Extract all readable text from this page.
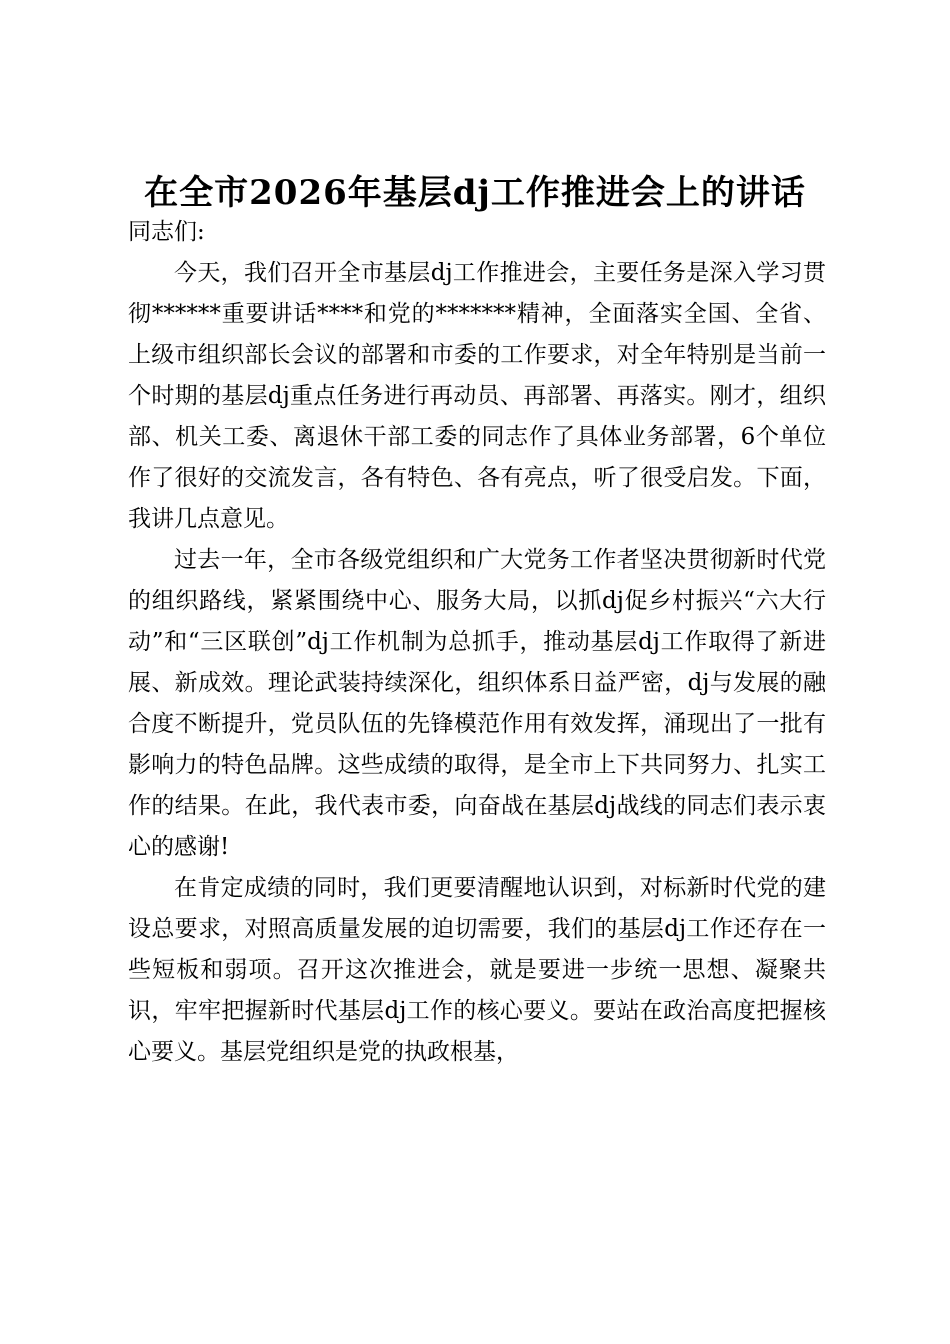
在全市2026年基层dj工作推进会上的讲话

同志们:

今天，我们召开全市基层dj工作推进会，主要任务是深入学习贯彻******重要讲话****和党的*******精神，全面落实全国、全省、上级市组织部长会议的部署和市委的工作要求，对全年特别是当前一个时期的基层dj重点任务进行再动员、再部署、再落实。刚才，组织部、机关工委、离退休干部工委的同志作了具体业务部署，6个单位作了很好的交流发言，各有特色、各有亮点，听了很受启发。下面，我讲几点意见。

过去一年，全市各级党组织和广大党务工作者坚决贯彻新时代党的组织路线，紧紧围绕中心、服务大局，以抓dj促乡村振兴“六大行动”和“三区联创”dj工作机制为总抓手，推动基层dj工作取得了新进展、新成效。理论武装持续深化，组织体系日益严密，dj与发展的融合度不断提升，党员队伍的先锋模范作用有效发挥，涌现出了一批有影响力的特色品牌。这些成绩的取得，是全市上下共同努力、扎实工作的结果。在此，我代表市委，向奋战在基层dj战线的同志们表示衷心的感谢!

在肯定成绩的同时，我们更要清醒地认识到，对标新时代党的建设总要求，对照高质量发展的迫切需要，我们的基层dj工作还存在一些短板和弱项。召开这次推进会，就是要进一步统一思想、凝聚共识，牢牢把握新时代基层dj工作的核心要义。要站在政治高度把握核心要义。基层党组织是党的执政根基，
